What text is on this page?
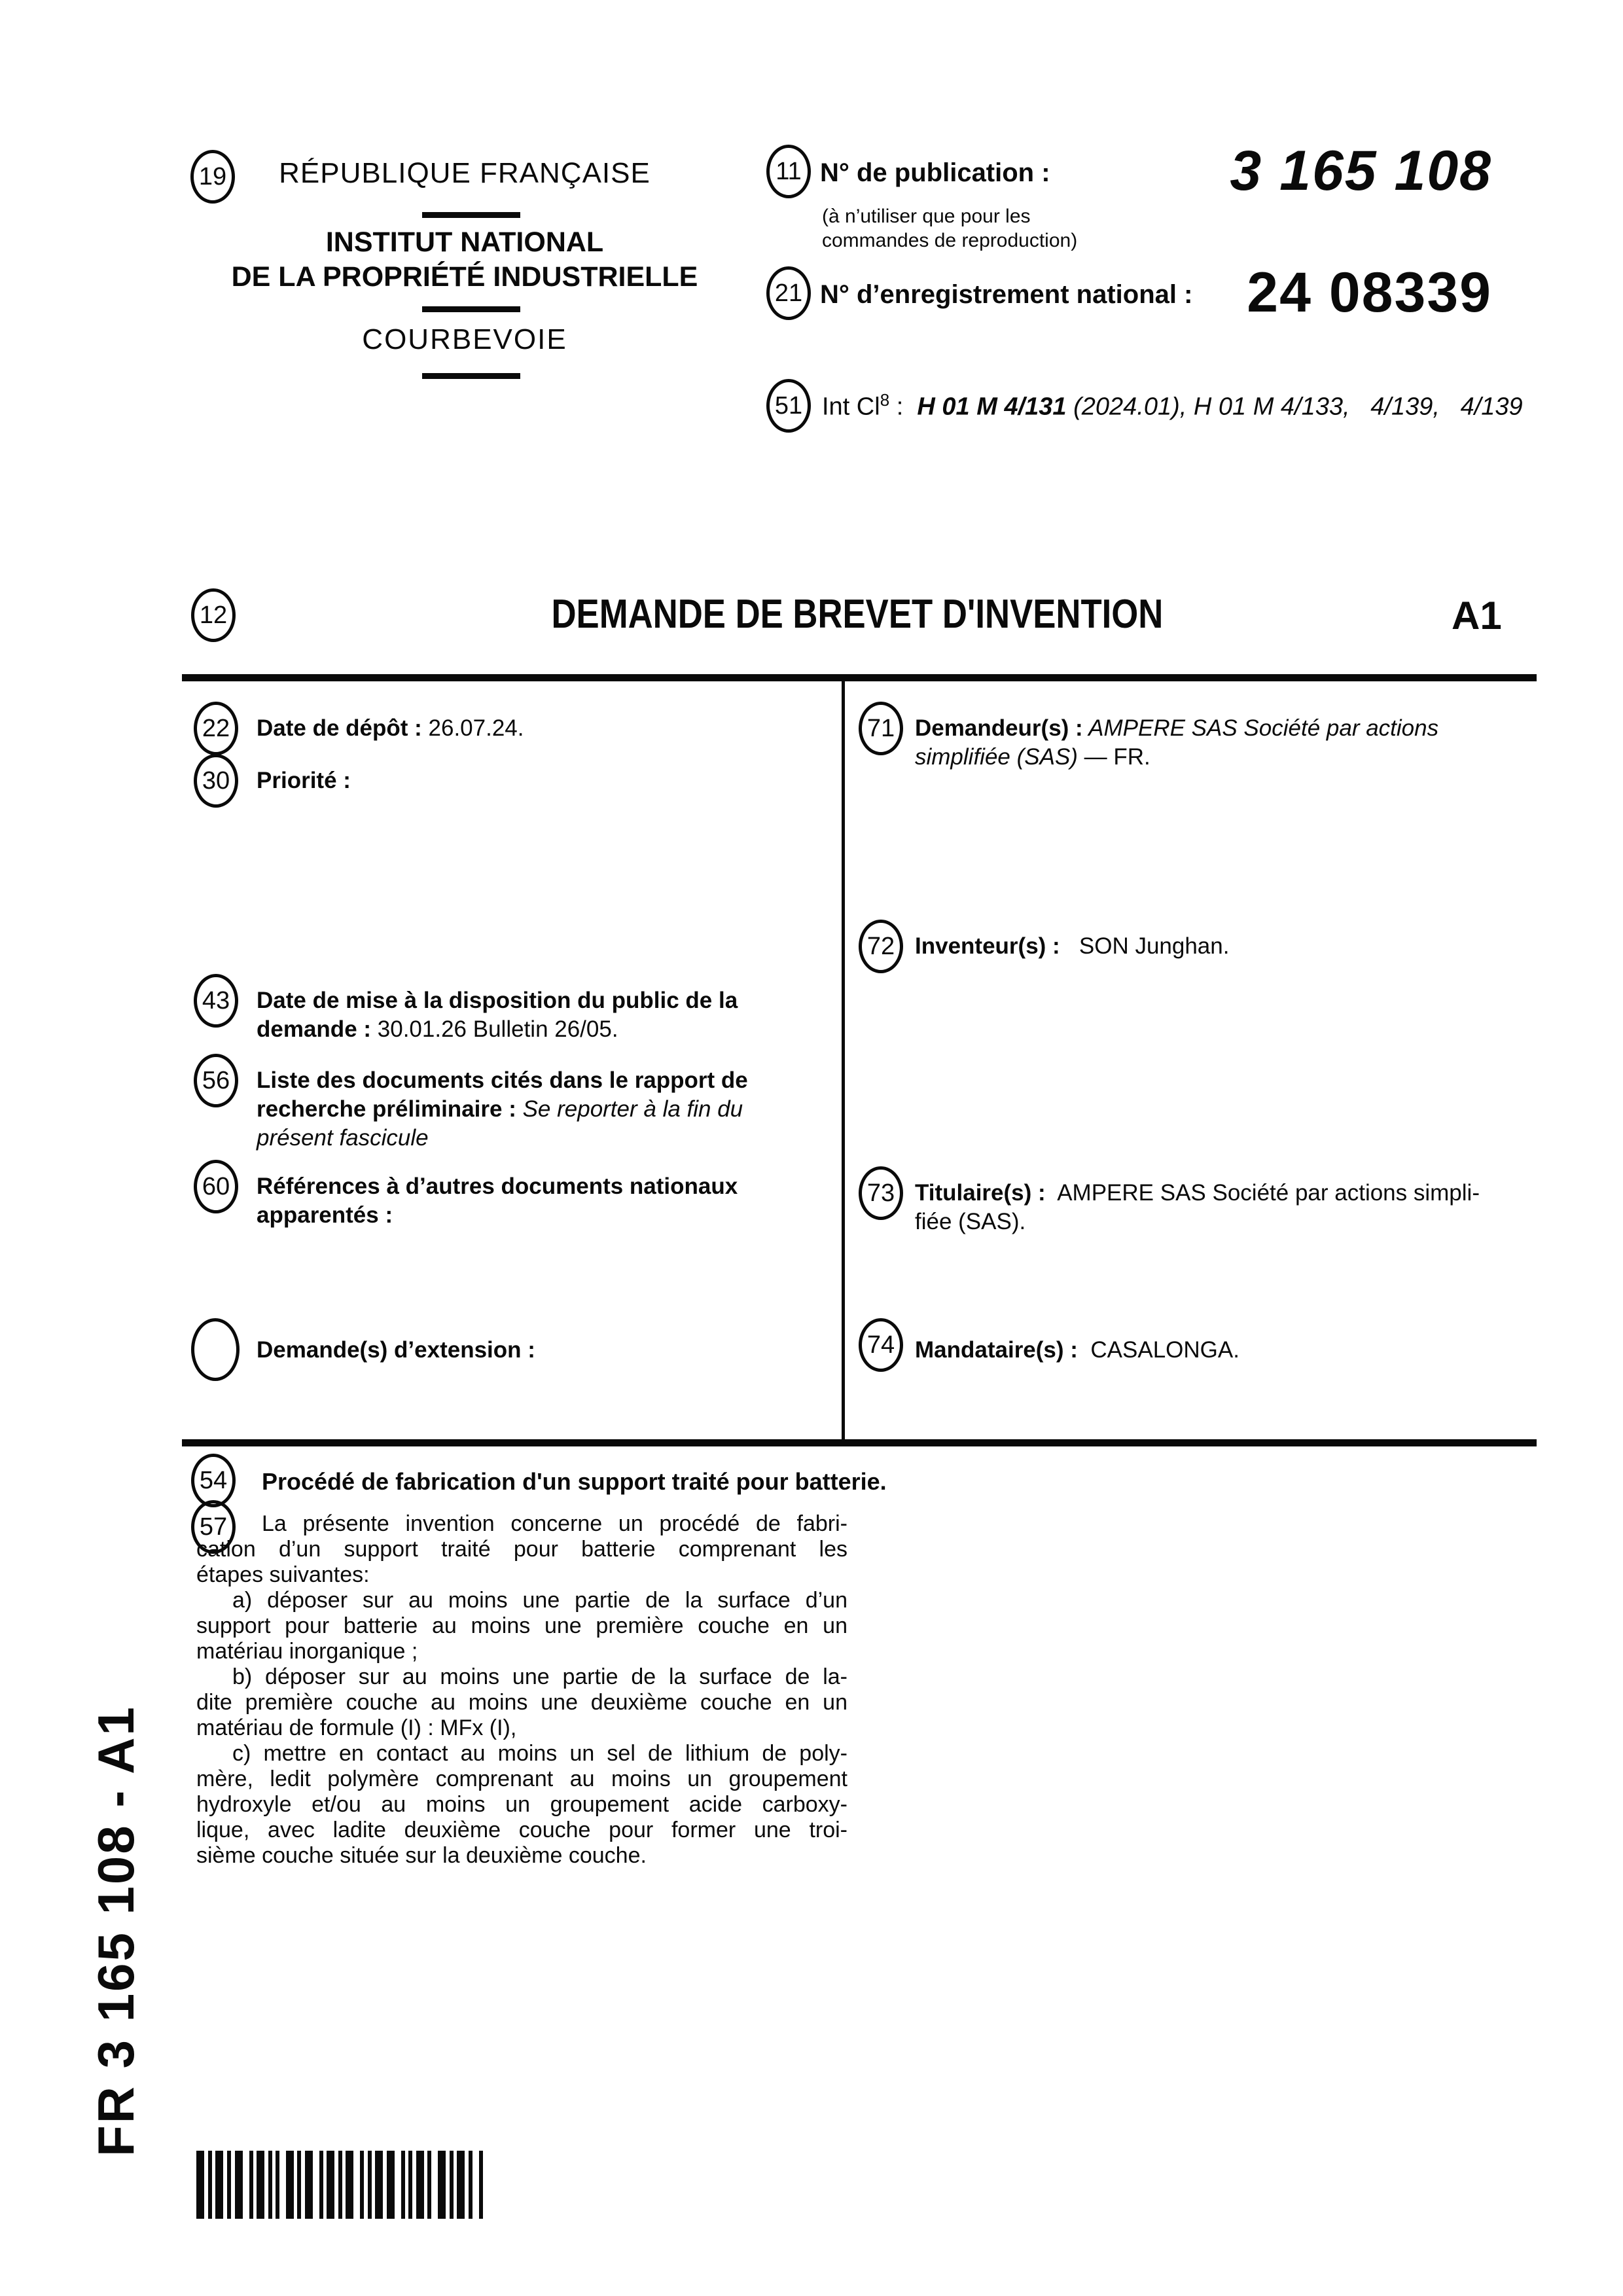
19	RÉPUBLIQUE FRANÇAISE
INSTITUT NATIONAL
DE LA PROPRIÉTÉ INDUSTRIELLE
COURBEVOIE
11 N° de publication :
(à n’utiliser que pour les
commandes de reproduction)
3 165 108
21 N° d’enregistrement national : 24 08339
51 Int Cl$^8$ :  H 01 M 4/131 (2024.01), H 01 M 4/133,   4/139,   4/139
12	DEMANDE DE BREVET D'INVENTION	A1
22 Date de dépôt : 26.07.24.
30 Priorité :
43 Date de mise à la disposition du public de la
demande : 30.01.26 Bulletin 26/05.
56 Liste des documents cités dans le rapport de
recherche préliminaire : Se reporter à la fin du
présent fascicule
60 Références à d’autres documents nationaux
apparentés :
Demande(s) d’extension :
71 Demandeur(s) : AMPERE SAS Société par actions
simplifiée (SAS) — FR.
72 Inventeur(s) :   SON Junghan.
73 Titulaire(s) :  AMPERE SAS Société par actions simpli-
fiée (SAS).
74 Mandataire(s) :  CASALONGA.
54 Procédé de fabrication d'un support traité pour batterie.
57	La présente invention concerne un procédé de fabri-
cation d’un support traité pour batterie comprenant les
étapes suivantes:
a) déposer sur au moins une partie de la surface d’un
support pour batterie au moins une première couche en un
matériau inorganique ;
b) déposer sur au moins une partie de la surface de la-
dite première couche au moins une deuxième couche en un
matériau de formule (I) : MFx (I),
c) mettre en contact au moins un sel de lithium de poly-
mère, ledit polymère comprenant au moins un groupement
hydroxyle et/ou au moins un groupement acide carboxy-
lique, avec ladite deuxième couche pour former une troi-
sième couche située sur la deuxième couche.
FR 3 165 108 - A1
